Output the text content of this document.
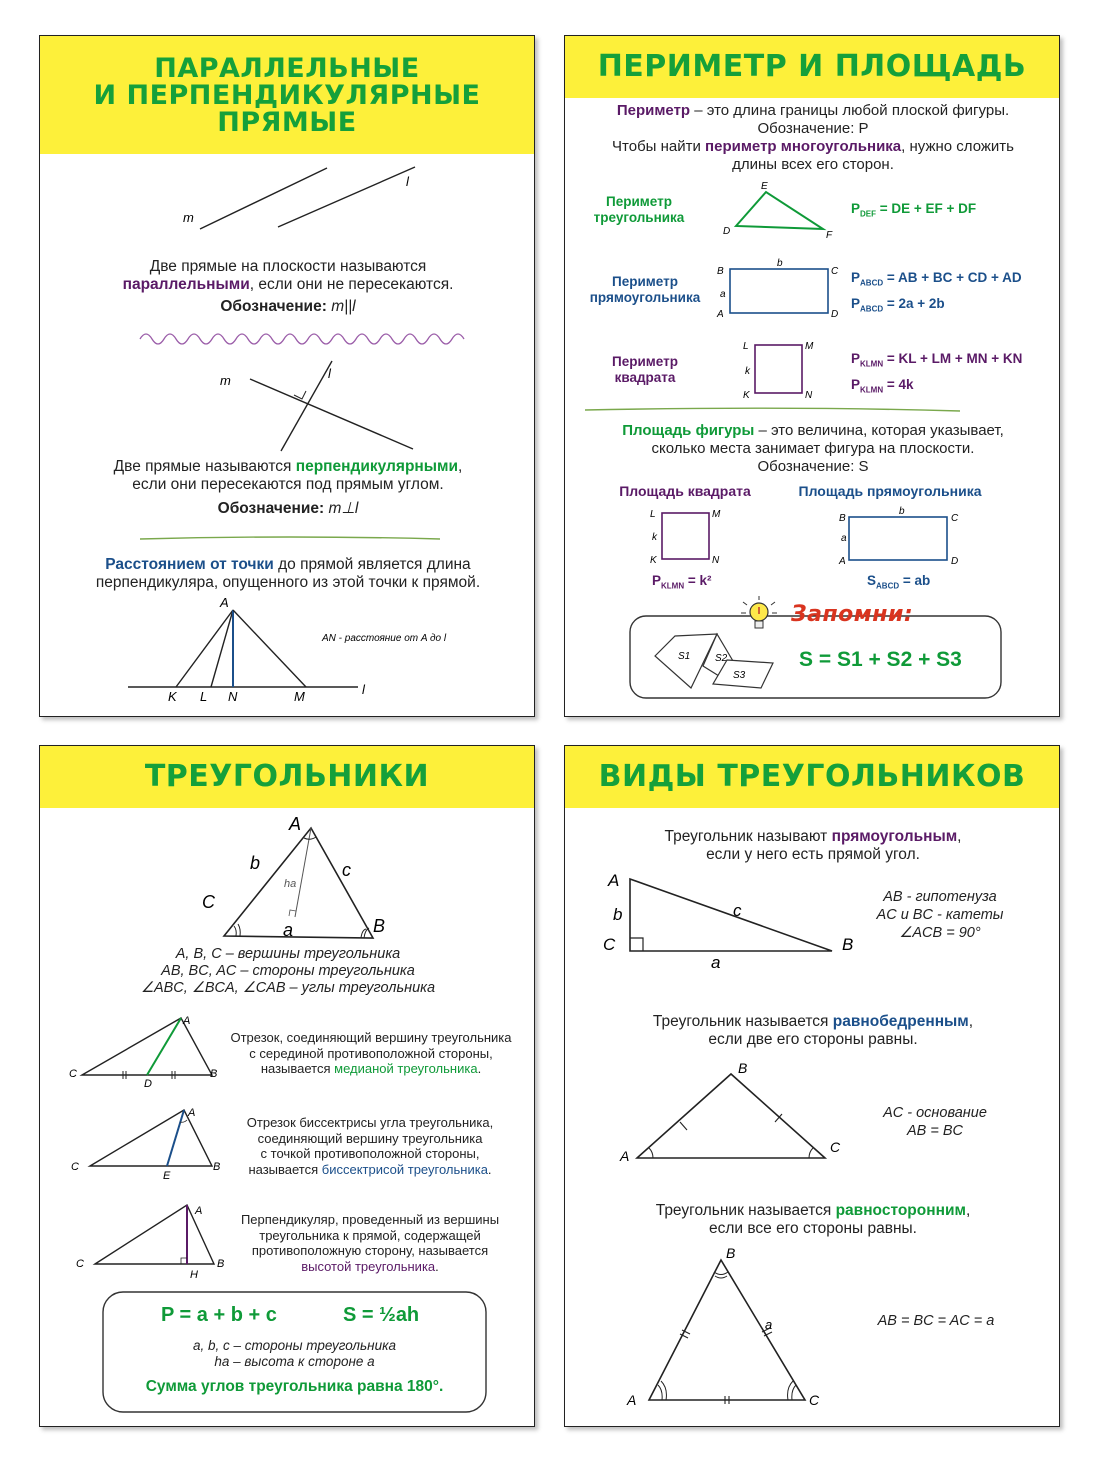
ПАРАЛЛЕЛЬНЫЕ
И ПЕРПЕНДИКУЛЯРНЫЕ
ПРЯМЫЕ
m
l
m	l
A
K L N	M	l
AN - расстояние от A до l
Две прямые на плоскости называются
параллельными, если они не пересекаются.
Обозначение: m||l
Две прямые называются перпендикулярными,
если они пересекаются под прямым углом.
Обозначение: m⊥l
Расстоянием от точки до прямой является длина
перпендикуляра, опущенного из этой точки к прямой.
ПЕРИМЕТР И ПЛОЩАДЬ
Периметр – это длина границы любой плоской фигуры.
Обозначение: P
Чтобы найти периметр многоугольника, нужно сложить
длины всех его сторон.
Периметр
треугольника
E
D	F
B	C
A	D
b
a
L	M
K	N
k
L	M
K	N
k
B	C
A	D
b
a
S1 S2
S3
$P_{DEF}$ = DE + EF + DF
Периметр
прямоугольника
$P_{ABCD}$ = AB + BC + CD + AD
$P_{ABCD} = 2a + 2b$
Периметр
квадрата
$P_{KLMN}$ = KL + LM + MN + KN
$P_{KLMN} = 4k$
Площадь фигуры – это величина, которая указывает,
сколько места занимает фигура на плоскости.
Обозначение: S
Площадь квадрата	Площадь прямоугольника
$P_{KLMN} = k^2$	$S_{ABCD}$ = ab
Запомни:
S = S1 + S2 + S3
ТРЕУГОЛЬНИКИ
A
B
C
a
b	c
ha
A
C
D
B
A
C
E
B
A
C
H
B
A, B, C – вершины треугольника
AB, BC, AC – стороны треугольника
∠ABC, ∠BCA, ∠CAB – углы треугольника
Отрезок, соединяющий вершину треугольника
с серединой противоположной стороны,
называется медианой треугольника.
Отрезок биссектрисы угла треугольника,
соединяющий вершину треугольника
с точкой противоположной стороны,
называется биссектрисой треугольника.
Перпендикуляр, проведенный из вершины
треугольника к прямой, содержащей
противоположную сторону, называется
высотой треугольника.
P = a + b + c	S = ½ah
a, b, c – стороны треугольника
ha – высота к стороне a
Сумма углов треугольника равна 180°.
ВИДЫ ТРЕУГОЛЬНИКОВ
Треугольник называют прямоугольным,
если у него есть прямой угол.
A
C	B
b	c
a
B
A
C
B
A	C
a
AB - гипотенуза
AC и BC - катеты
∠ACB = 90°
Треугольник называется равнобедренным,
если две его стороны равны.
AC - основание
AB = BC
Треугольник называется равносторонним,
если все его стороны равны.
AB = BC = AC = a
